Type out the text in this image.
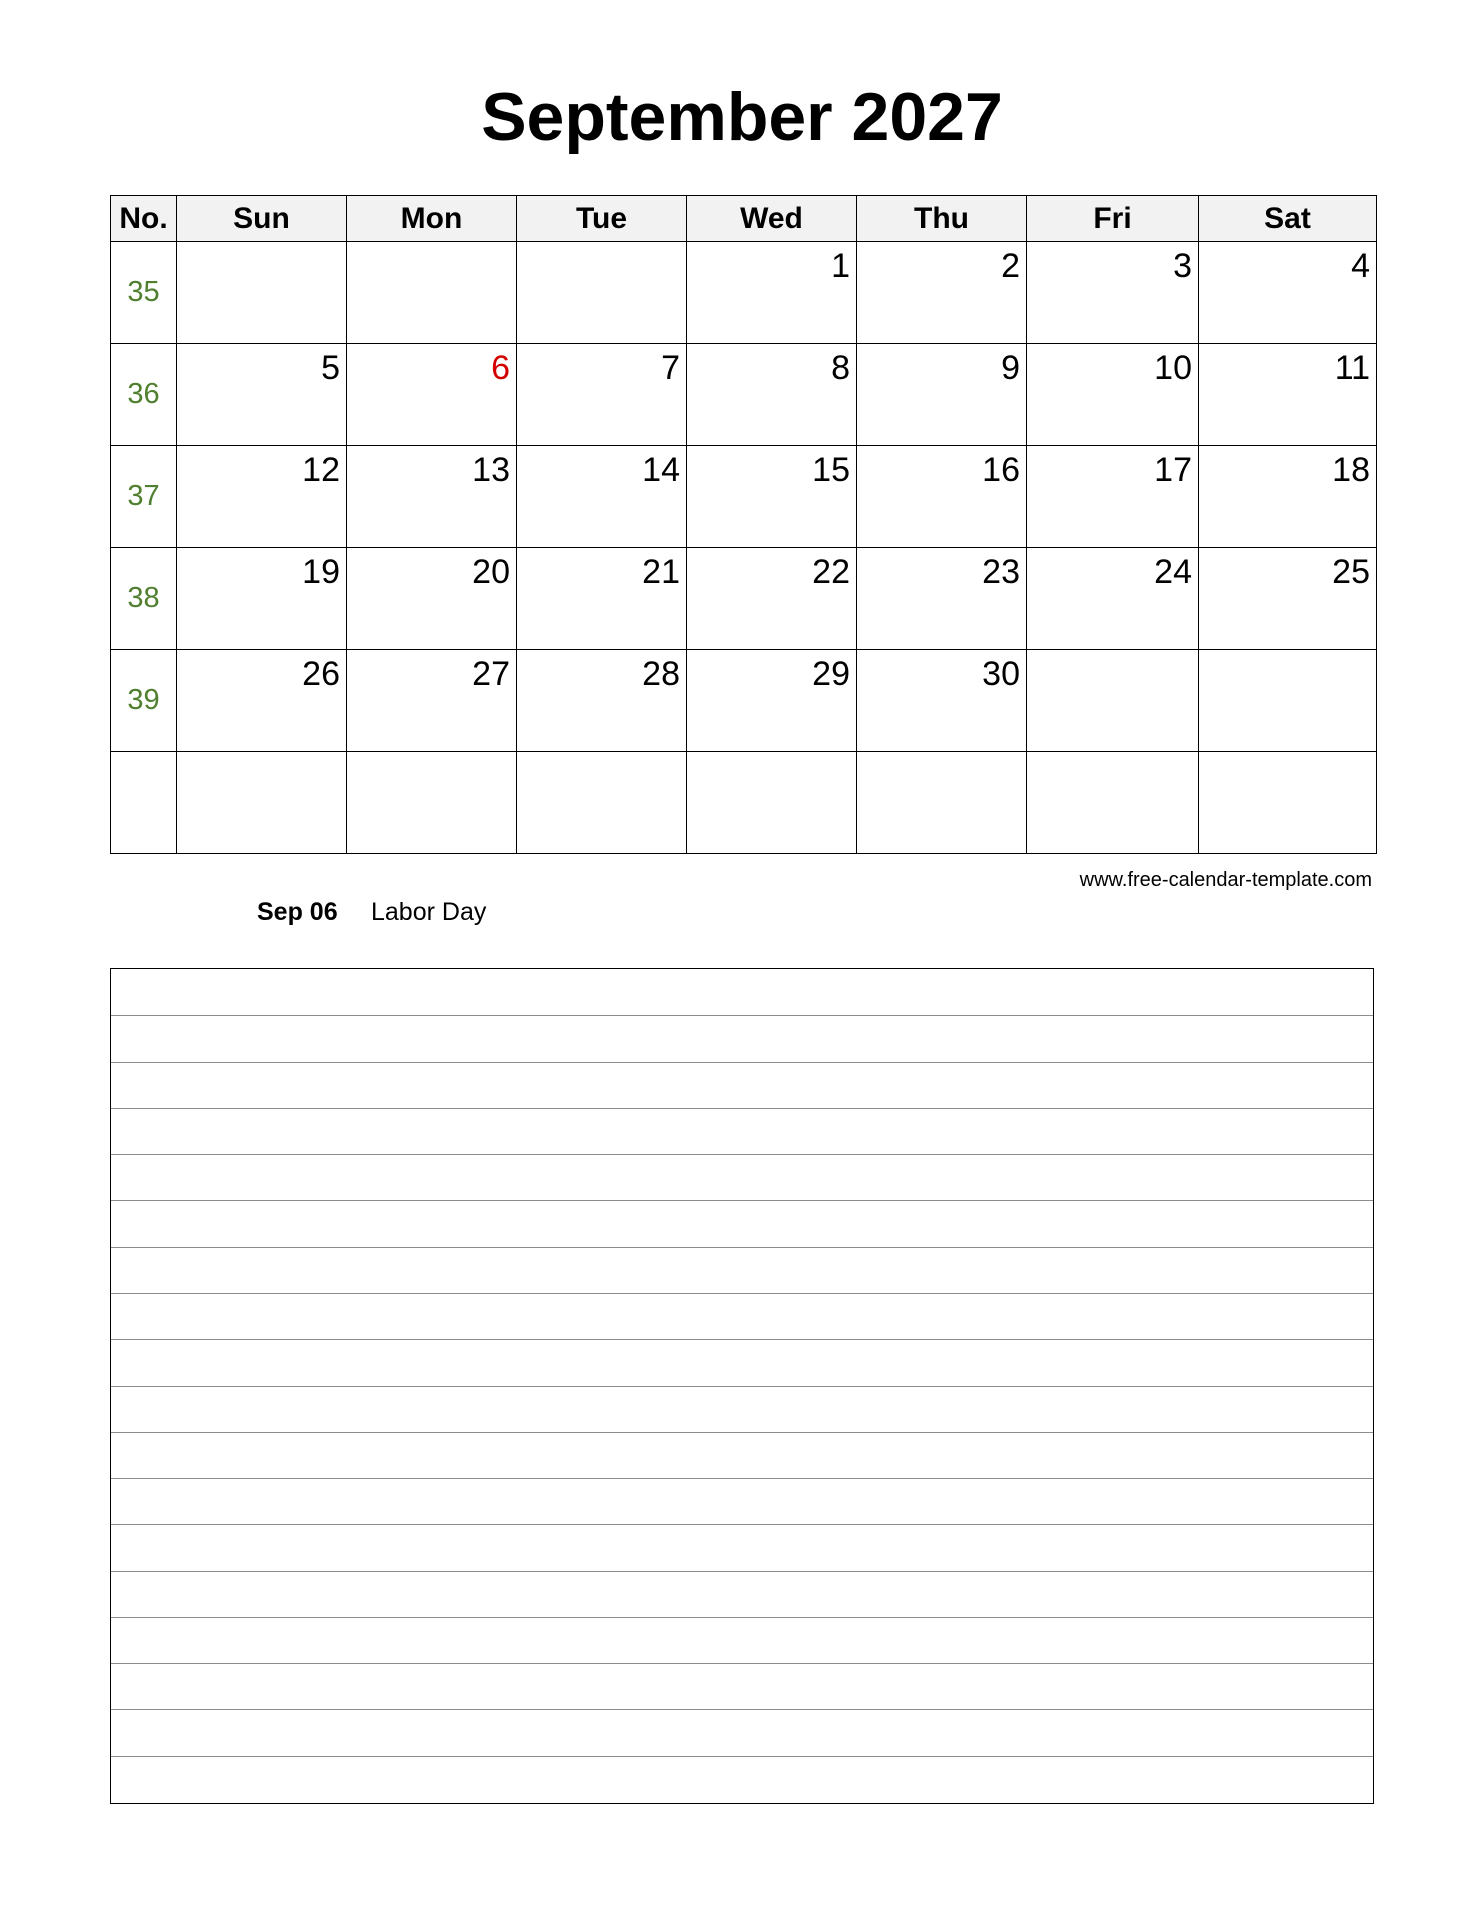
September 2027
No.	Sun	Mon	Tue	Wed	Thu	Fri	Sat
35				1	2	3	4

36	5	6	7	8	9	10	11

37	12	13	14	15	16	17	18

38	19	20	21	22	23	24	25

39	26	27	28	29	30		

www.free-calendar-template.com
Sep 06 Labor Day
